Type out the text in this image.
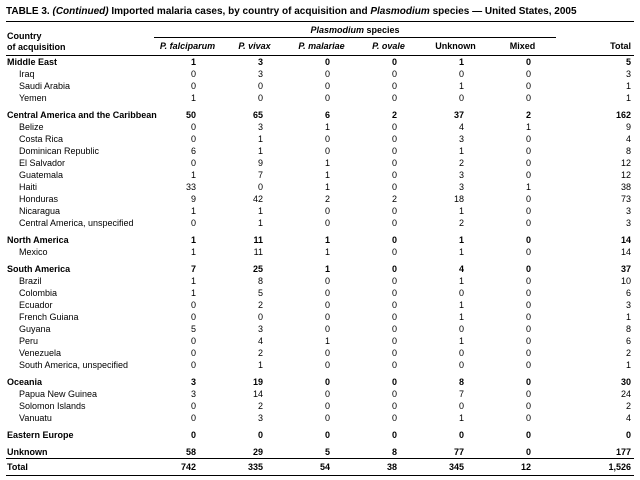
TABLE 3. (Continued) Imported malaria cases, by country of acquisition and Plasmodium species — United States, 2005
Country
of acquisition	Plasmodium species						Total
	P. falciparum	P. vivax	P. malariae	P. ovale	Unknown	Mixed	
Middle East	1	3	0	0	1	0	5
Iraq	0	3	0	0	0	0	3
Saudi Arabia	0	0	0	0	1	0	1
Yemen	1	0	0	0	0	0	1
Central America and the Caribbean	50	65	6	2	37	2	162
Belize	0	3	1	0	4	1	9
Costa Rica	0	1	0	0	3	0	4
Dominican Republic	6	1	0	0	1	0	8
El Salvador	0	9	1	0	2	0	12
Guatemala	1	7	1	0	3	0	12
Haiti	33	0	1	0	3	1	38
Honduras	9	42	2	2	18	0	73
Nicaragua	1	1	0	0	1	0	3
Central America, unspecified	0	1	0	0	2	0	3
North America	1	11	1	0	1	0	14
Mexico	1	11	1	0	1	0	14
South America	7	25	1	0	4	0	37
Brazil	1	8	0	0	1	0	10
Colombia	1	5	0	0	0	0	6
Ecuador	0	2	0	0	1	0	3
French Guiana	0	0	0	0	1	0	1
Guyana	5	3	0	0	0	0	8
Peru	0	4	1	0	1	0	6
Venezuela	0	2	0	0	0	0	2
South America, unspecified	0	1	0	0	0	0	1
Oceania	3	19	0	0	8	0	30
Papua New Guinea	3	14	0	0	7	0	24
Solomon Islands	0	2	0	0	0	0	2
Vanuatu	0	3	0	0	1	0	4
Eastern Europe	0	0	0	0	0	0	0
Unknown	58	29	5	8	77	0	177
Total	742	335	54	38	345	12	1,526
